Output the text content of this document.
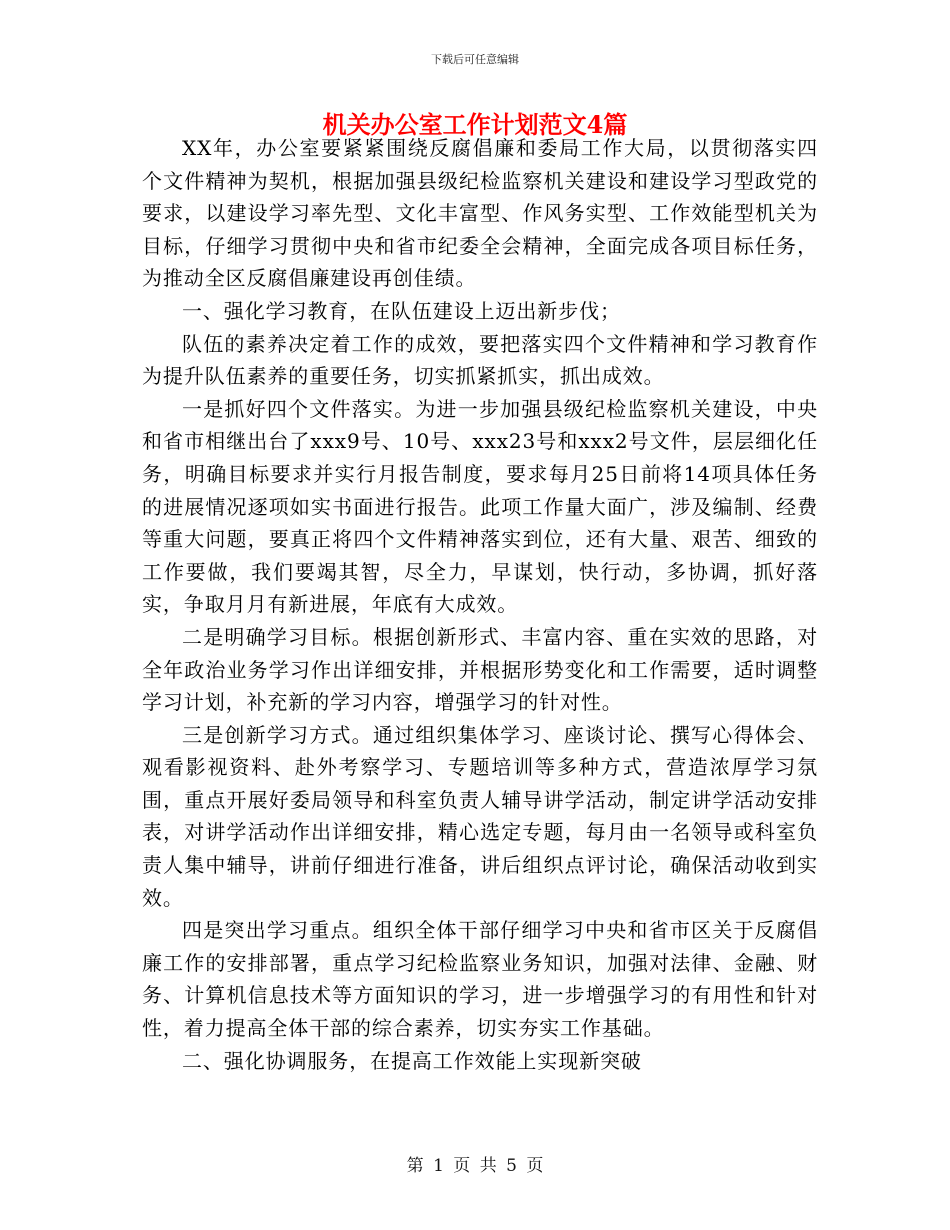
下载后可任意编辑
机关办公室工作计划范文4篇

XX年，办公室要紧紧围绕反腐倡廉和委局工作大局，以贯彻落实四个文件精神为契机，根据加强县级纪检监察机关建设和建设学习型政党的要求，以建设学习率先型、文化丰富型、作风务实型、工作效能型机关为目标，仔细学习贯彻中央和省市纪委全会精神，全面完成各项目标任务，为推动全区反腐倡廉建设再创佳绩。

一、强化学习教育，在队伍建设上迈出新步伐；

队伍的素养决定着工作的成效，要把落实四个文件精神和学习教育作为提升队伍素养的重要任务，切实抓紧抓实，抓出成效。

一是抓好四个文件落实。为进一步加强县级纪检监察机关建设，中央和省市相继出台了xxx9号、10号、xxx23号和xxx2号文件，层层细化任务，明确目标要求并实行月报告制度，要求每月25日前将14项具体任务的进展情况逐项如实书面进行报告。此项工作量大面广，涉及编制、经费等重大问题，要真正将四个文件精神落实到位，还有大量、艰苦、细致的工作要做，我们要竭其智，尽全力，早谋划，快行动，多协调，抓好落实，争取月月有新进展，年底有大成效。

二是明确学习目标。根据创新形式、丰富内容、重在实效的思路，对全年政治业务学习作出详细安排，并根据形势变化和工作需要，适时调整学习计划，补充新的学习内容，增强学习的针对性。

三是创新学习方式。通过组织集体学习、座谈讨论、撰写心得体会、观看影视资料、赴外考察学习、专题培训等多种方式，营造浓厚学习氛围，重点开展好委局领导和科室负责人辅导讲学活动，制定讲学活动安排表，对讲学活动作出详细安排，精心选定专题，每月由一名领导或科室负责人集中辅导，讲前仔细进行准备，讲后组织点评讨论，确保活动收到实效。

四是突出学习重点。组织全体干部仔细学习中央和省市区关于反腐倡廉工作的安排部署，重点学习纪检监察业务知识，加强对法律、金融、财务、计算机信息技术等方面知识的学习，进一步增强学习的有用性和针对性，着力提高全体干部的综合素养，切实夯实工作基础。

二、强化协调服务，在提高工作效能上实现新突破

第 1 页 共 5 页
